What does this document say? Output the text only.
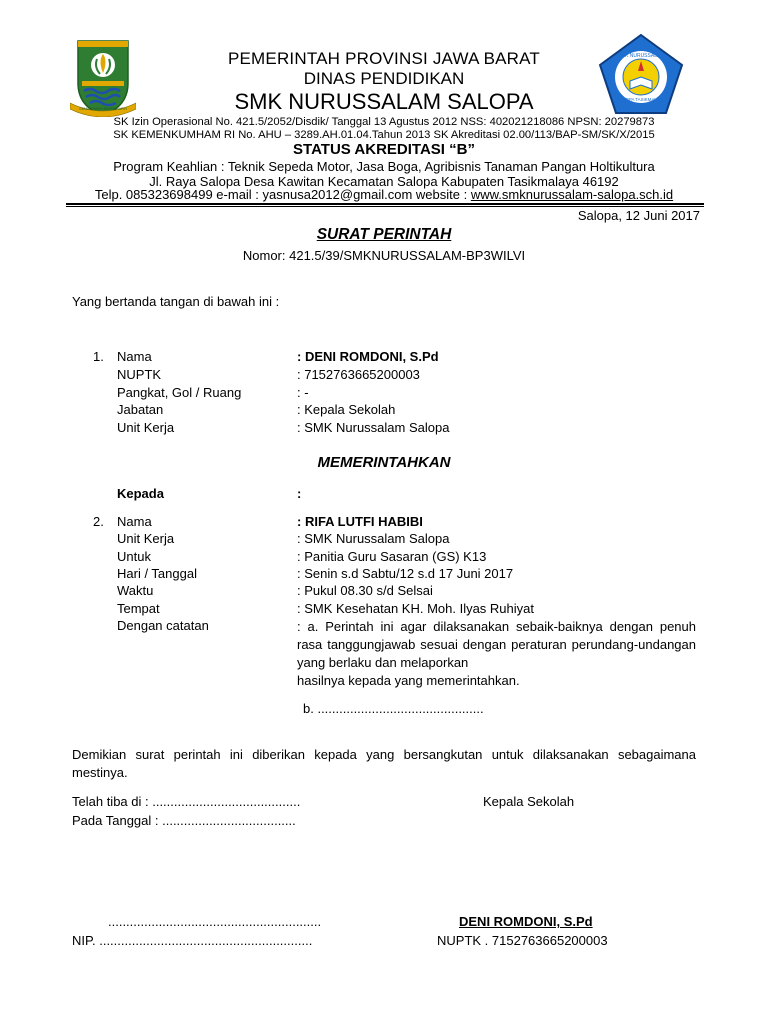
GEMAH RIPAH REPEH RAPIH
SMK NURUSSALAM
SALOPA TASIKMALAYA
PEMERINTAH PROVINSI JAWA BARAT
DINAS PENDIDIKAN
SMK NURUSSALAM SALOPA
SK Izin Operasional No. 421.5/2052/Disdik/ Tanggal 13 Agustus 2012 NSS: 402021218086 NPSN: 20279873
SK KEMENKUMHAM RI No. AHU – 3289.AH.01.04.Tahun 2013 SK Akreditasi 02.00/113/BAP-SM/SK/X/2015
STATUS AKREDITASI “B”
Program Keahlian : Teknik Sepeda Motor, Jasa Boga, Agribisnis Tanaman Pangan Holtikultura
Jl. Raya Salopa Desa Kawitan Kecamatan Salopa Kabupaten Tasikmalaya 46192
Telp. 085323698499 e-mail : yasnusa2012@gmail.com website : www.smknurussalam-salopa.sch.id
Salopa, 12 Juni 2017
SURAT PERINTAH
Nomor: 421.5/39/SMKNURUSSALAM-BP3WILVI
Yang bertanda tangan di bawah ini :
1. Nama	: DENI ROMDONI, S.Pd
NUPTK	: 7152763665200003
Pangkat, Gol / Ruang	: -
Jabatan	: Kepala Sekolah
Unit Kerja	: SMK Nurussalam Salopa
MEMERINTAHKAN
Kepada	:
2. Nama	: RIFA LUTFI HABIBI
Unit Kerja	: SMK Nurussalam Salopa
Untuk	: Panitia Guru Sasaran (GS) K13
Hari / Tanggal	: Senin s.d Sabtu/12 s.d 17 Juni 2017
Waktu	: Pukul 08.30 s/d Selsai
Tempat	: SMK Kesehatan KH. Moh. Ilyas Ruhiyat
Dengan catatan	: a. Perintah ini agar dilaksanakan sebaik-baiknya dengan penuh rasa tanggungjawab sesuai dengan peraturan perundang-undangan yang berlaku dan melaporkan
hasilnya kepada yang memerintahkan.
b. ..............................................
Demikian surat perintah ini diberikan kepada yang bersangkutan untuk dilaksanakan sebagaimana mestinya.
Telah tiba di : .........................................
Pada Tanggal : .....................................
Kepala Sekolah
...........................................................
NIP. ...........................................................
DENI ROMDONI, S.Pd
NUPTK . 7152763665200003
